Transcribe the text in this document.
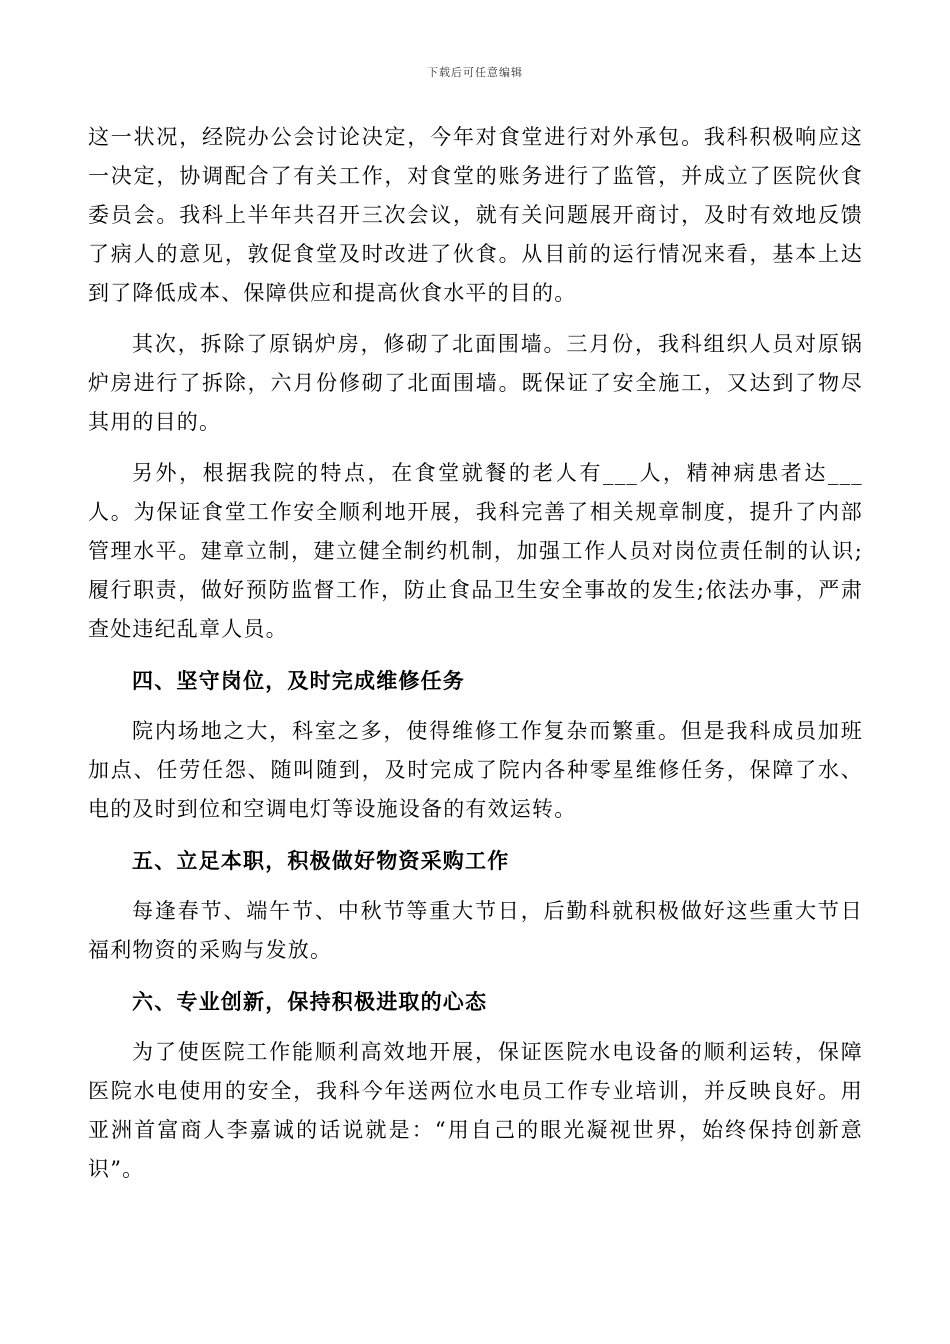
下载后可任意编辑

这一状况，经院办公会讨论决定，今年对食堂进行对外承包。我科积极响应这一决定，协调配合了有关工作，对食堂的账务进行了监管，并成立了医院伙食委员会。我科上半年共召开三次会议，就有关问题展开商讨，及时有效地反馈了病人的意见，敦促食堂及时改进了伙食。从目前的运行情况来看，基本上达到了降低成本、保障供应和提高伙食水平的目的。

其次，拆除了原锅炉房，修砌了北面围墙。三月份，我科组织人员对原锅炉房进行了拆除，六月份修砌了北面围墙。既保证了安全施工，又达到了物尽其用的目的。

另外，根据我院的特点，在食堂就餐的老人有___人，精神病患者达___人。为保证食堂工作安全顺利地开展，我科完善了相关规章制度，提升了内部管理水平。建章立制，建立健全制约机制，加强工作人员对岗位责任制的认识;履行职责，做好预防监督工作，防止食品卫生安全事故的发生;依法办事，严肃查处违纪乱章人员。

四、坚守岗位，及时完成维修任务

院内场地之大，科室之多，使得维修工作复杂而繁重。但是我科成员加班加点、任劳任怨、随叫随到，及时完成了院内各种零星维修任务，保障了水、电的及时到位和空调电灯等设施设备的有效运转。

五、立足本职，积极做好物资采购工作

每逢春节、端午节、中秋节等重大节日，后勤科就积极做好这些重大节日福利物资的采购与发放。

六、专业创新，保持积极进取的心态

为了使医院工作能顺利高效地开展，保证医院水电设备的顺利运转，保障医院水电使用的安全，我科今年送两位水电员工作专业培训，并反映良好。用亚洲首富商人李嘉诚的话说就是：“用自己的眼光凝视世界，始终保持创新意识”。
